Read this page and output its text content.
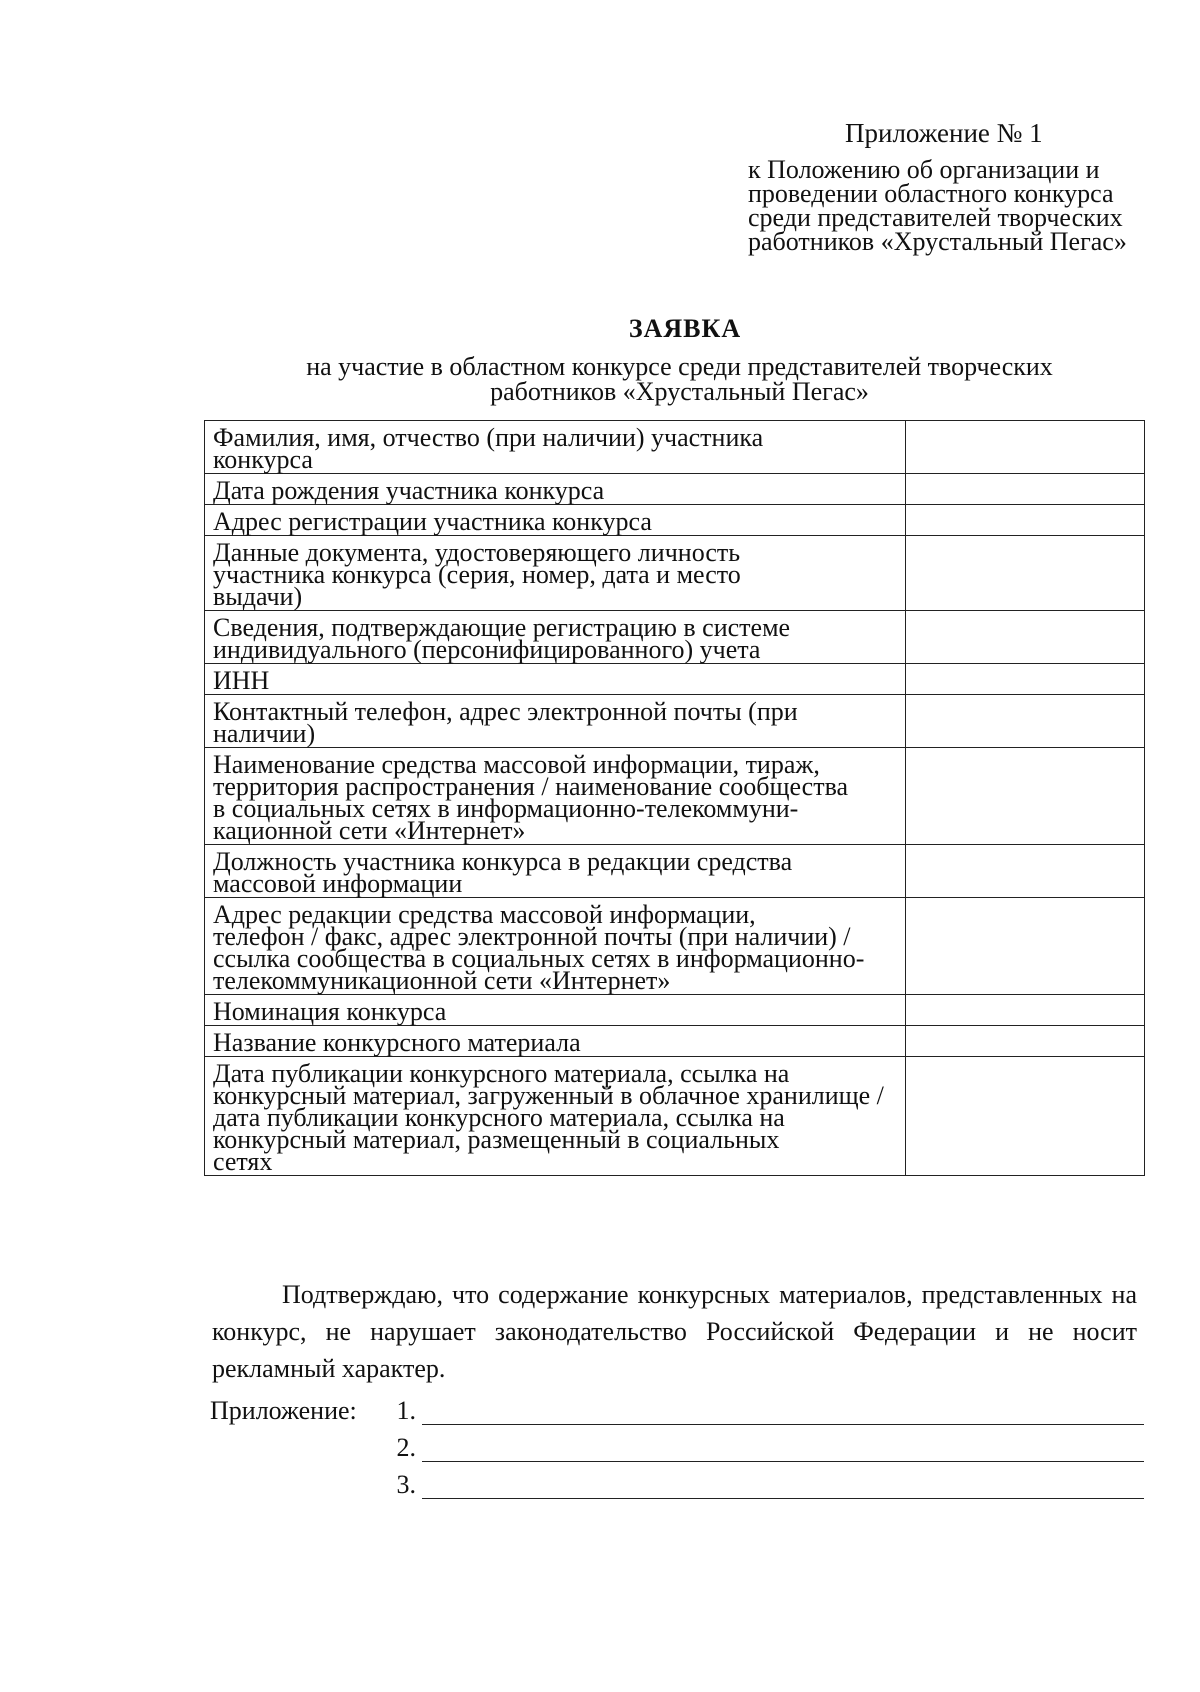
Приложение № 1
к Положению об организации и
проведении областного конкурса
среди представителей творческих
работников «Хрустальный Пегас»
ЗАЯВКА
на участие в областном конкурсе среди представителей творческих
работников «Хрустальный Пегас»
Фамилия, имя, отчество (при наличии) участника
конкурса	

Дата рождения участника конкурса	

Адрес регистрации участника конкурса	

Данные документа, удостоверяющего личность
участника конкурса (серия, номер, дата и место
выдачи)	

Сведения, подтверждающие регистрацию в системе
индивидуального (персонифицированного) учета	

ИНН	

Контактный телефон, адрес электронной почты (при
наличии)	

Наименование средства массовой информации, тираж,
территория распространения / наименование сообщества
в социальных сетях в информационно-телекоммуни-
кационной сети «Интернет»	

Должность участника конкурса в редакции средства
массовой информации	

Адрес редакции средства массовой информации,
телефон / факс, адрес электронной почты (при наличии) /
ссылка сообщества в социальных сетях в информационно-
телекоммуникационной сети «Интернет»	

Номинация конкурса	

Название конкурсного материала	

Дата публикации конкурсного материала, ссылка на
конкурсный материал, загруженный в облачное хранилище /
дата публикации конкурсного материала, ссылка на
конкурсный материал, размещенный в социальных
сетях	

Подтверждаю, что содержание конкурсных материалов, представленных на конкурс, не нарушает законодательство Российской Федерации и не носит рекламный характер.
Приложение:	1.
2.
3.
